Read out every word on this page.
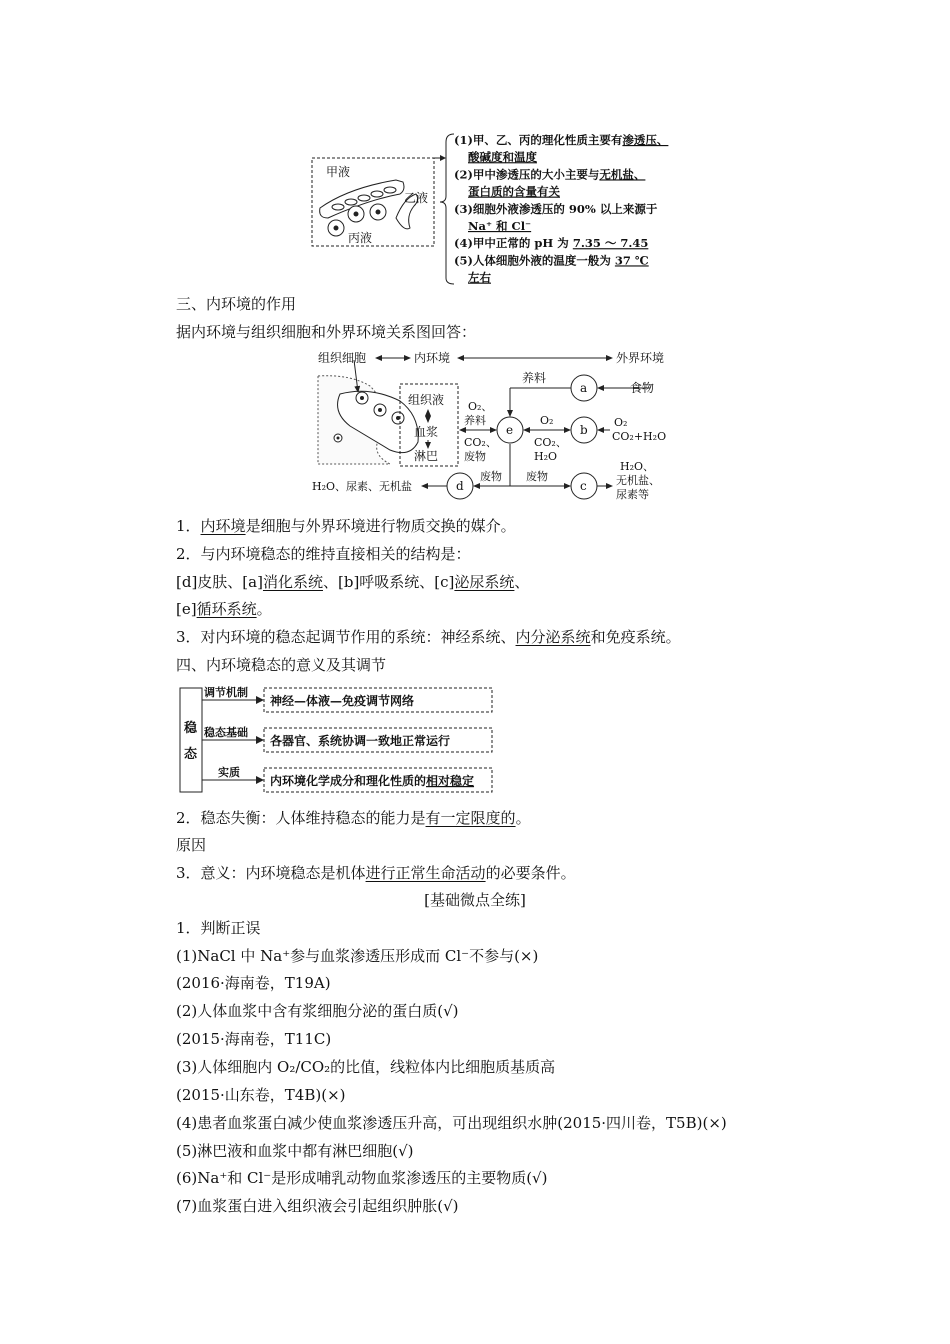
甲液
乙液
丙液
(1)甲、乙、丙的理化性质主要有渗透压、
酸碱度和温度
(2)甲中渗透压的大小主要与无机盐、
蛋白质的含量有关
(3)细胞外液渗透压的 90% 以上来源于
Na⁺ 和 Cl⁻
(4)甲中正常的 pH 为 7.35 ～ 7.45
(5)人体细胞外液的温度一般为 37 ℃
左右
三、内环境的作用
据内环境与组织细胞和外界环境关系图回答：
组织细胞	内环境	外界环境
组织液
血浆
淋巴
e
a
b
c
d
养料
食物
O₂、
养料
CO₂、
废物
O₂
CO₂、
H₂O
O₂
CO₂+H₂O
废物 废物
H₂O、尿素、无机盐
H₂O、
无机盐、
尿素等
1．内环境是细胞与外界环境进行物质交换的媒介。
2．与内环境稳态的维持直接相关的结构是：
[d]皮肤、[a]消化系统、[b]呼吸系统、[c]泌尿系统、
[e]循环系统。
3．对内环境的稳态起调节作用的系统：神经系统、内分泌系统和免疫系统。
四、内环境稳态的意义及其调节
稳
态
调节机制
稳态基础
实质
神经—体液—免疫调节网络
各器官、系统协调一致地正常运行
内环境化学成分和理化性质的相对稳定
2．稳态失衡：人体维持稳态的能力是有一定限度的。
原因
3．意义：内环境稳态是机体进行正常生命活动的必要条件。
[基础微点全练]
1．判断正误
(1)NaCl 中 Na⁺参与血浆渗透压形成而 Cl⁻不参与(×)
(2016·海南卷，T19A)
(2)人体血浆中含有浆细胞分泌的蛋白质(√)
(2015·海南卷，T11C)
(3)人体细胞内 O₂/CO₂的比值，线粒体内比细胞质基质高
(2015·山东卷，T4B)(×)
(4)患者血浆蛋白减少使血浆渗透压升高，可出现组织水肿(2015·四川卷，T5B)(×)
(5)淋巴液和血浆中都有淋巴细胞(√)
(6)Na⁺和 Cl⁻是形成哺乳动物血浆渗透压的主要物质(√)
(7)血浆蛋白进入组织液会引起组织肿胀(√)
